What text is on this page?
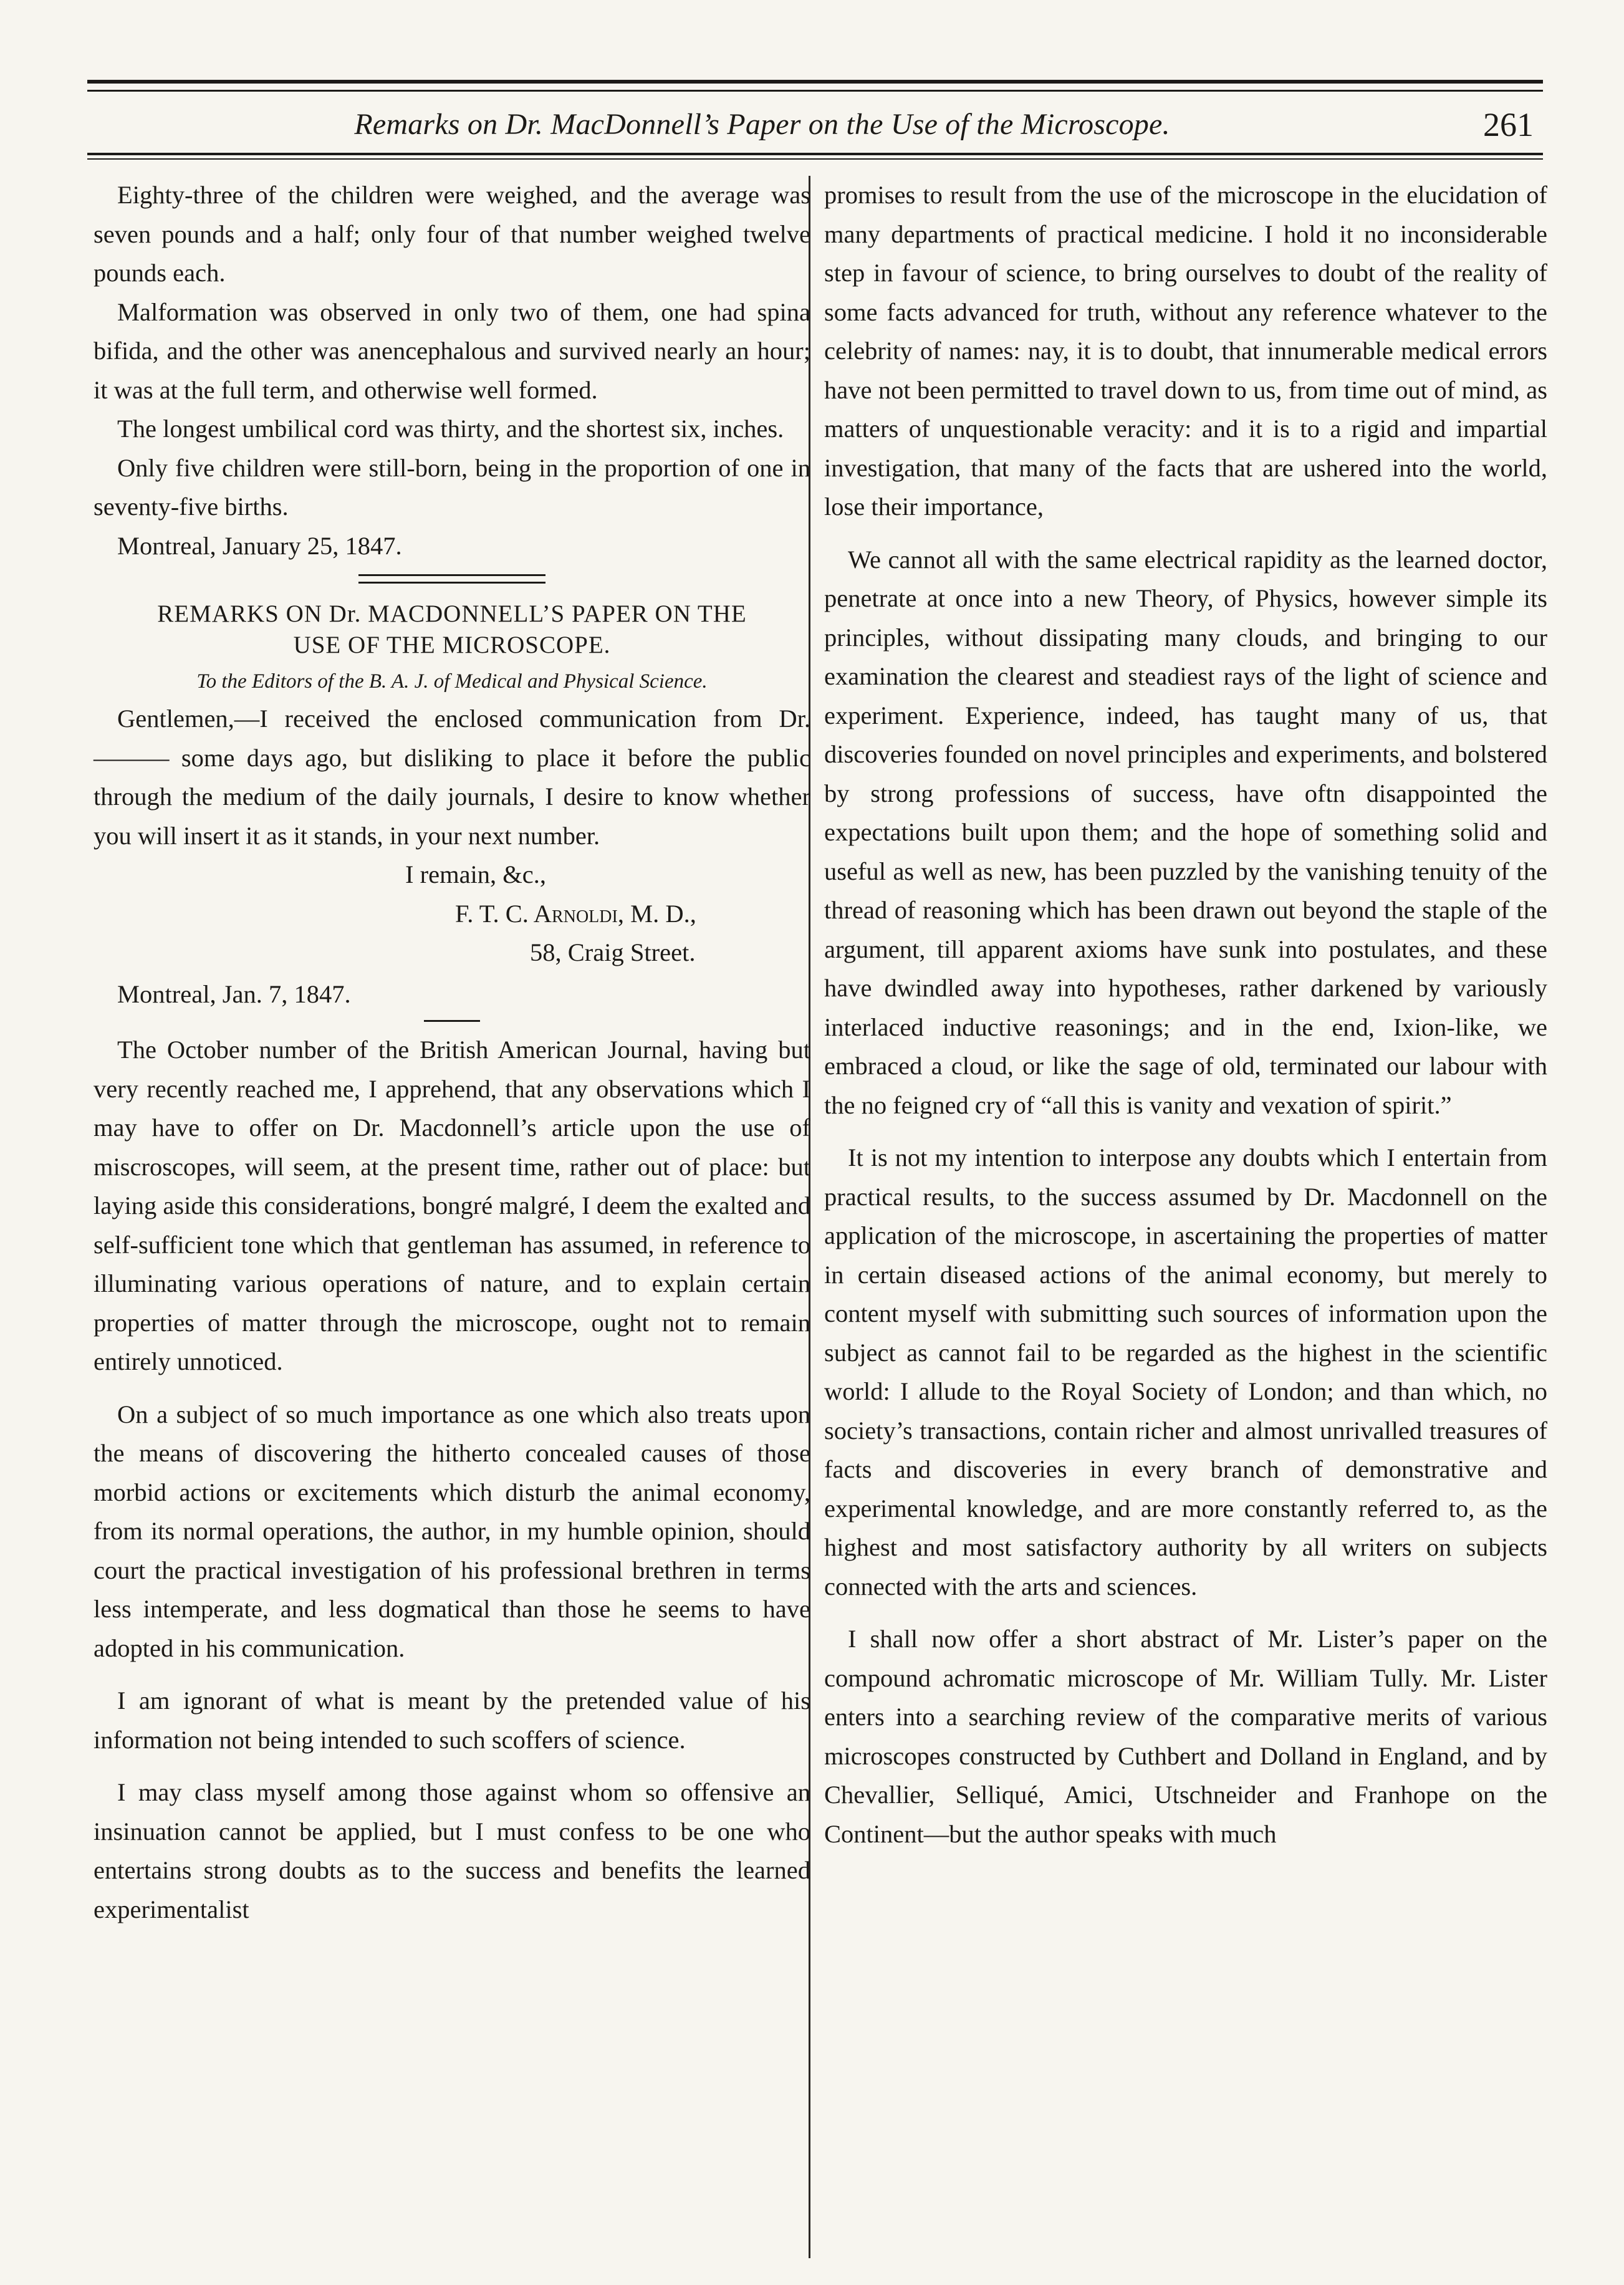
Remarks on Dr. MacDonnell’s Paper on the Use of the Microscope.	261

Eighty-three of the children were weighed, and the average was seven pounds and a half; only four of that number weighed twelve pounds each.

Malformation was observed in only two of them, one had spina bifida, and the other was anencephalous and survived nearly an hour; it was at the full term, and otherwise well formed.

The longest umbilical cord was thirty, and the shortest six, inches.

Only five children were still-born, being in the proportion of one in seventy-five births.

Montreal, January 25, 1847.

REMARKS ON Dr. MACDONNELL’S PAPER ON THE

USE OF THE MICROSCOPE.

To the Editors of the B. A. J. of Medical and Physical Science.

Gentlemen,—I received the enclosed communication from Dr. ——— some days ago, but disliking to place it before the public through the medium of the daily journals, I desire to know whether you will insert it as it stands, in your next number.

I remain, &c.,

F. T. C. Arnoldi, M. D.,

58, Craig Street.

Montreal, Jan. 7, 1847.

The October number of the British American Journal, having but very recently reached me, I apprehend, that any observations which I may have to offer on Dr. Macdonnell’s article upon the use of miscroscopes, will seem, at the present time, rather out of place: but laying aside this considerations, bongré malgré, I deem the exalted and self-sufficient tone which that gentleman has assumed, in reference to illuminating various operations of nature, and to explain certain properties of matter through the microscope, ought not to remain entirely unnoticed.

On a subject of so much importance as one which also treats upon the means of discovering the hitherto concealed causes of those morbid actions or excitements which disturb the animal economy, from its normal operations, the author, in my humble opinion, should court the practical investigation of his professional brethren in terms less intemperate, and less dogmatical than those he seems to have adopted in his communication.

I am ignorant of what is meant by the pretended value of his information not being intended to such scoffers of science.

I may class myself among those against whom so offensive an insinuation cannot be applied, but I must confess to be one who entertains strong doubts as to the success and benefits the learned experimentalist

promises to result from the use of the microscope in the elucidation of many departments of practical medicine. I hold it no inconsiderable step in favour of science, to bring ourselves to doubt of the reality of some facts advanced for truth, without any reference whatever to the celebrity of names: nay, it is to doubt, that innumerable medical errors have not been permitted to travel down to us, from time out of mind, as matters of unquestionable veracity: and it is to a rigid and impartial investigation, that many of the facts that are ushered into the world, lose their importance,

We cannot all with the same electrical rapidity as the learned doctor, penetrate at once into a new Theory, of Physics, however simple its principles, without dissipating many clouds, and bringing to our examination the clearest and steadiest rays of the light of science and experiment. Experience, indeed, has taught many of us, that discoveries founded on novel principles and experiments, and bolstered by strong professions of success, have oftn disappointed the expectations built upon them; and the hope of something solid and useful as well as new, has been puzzled by the vanishing tenuity of the thread of reasoning which has been drawn out beyond the staple of the argument, till apparent axioms have sunk into postulates, and these have dwindled away into hypotheses, rather darkened by variously interlaced inductive reasonings; and in the end, Ixion-like, we embraced a cloud, or like the sage of old, terminated our labour with the no feigned cry of “all this is vanity and vexation of spirit.”

It is not my intention to interpose any doubts which I entertain from practical results, to the success assumed by Dr. Macdonnell on the application of the microscope, in ascertaining the properties of matter in certain diseased actions of the animal economy, but merely to content myself with submitting such sources of information upon the subject as cannot fail to be regarded as the highest in the scientific world: I allude to the Royal Society of London; and than which, no society’s transactions, contain richer and almost unrivalled treasures of facts and discoveries in every branch of demonstrative and experimental knowledge, and are more constantly referred to, as the highest and most satisfactory authority by all writers on subjects connected with the arts and sciences.

I shall now offer a short abstract of Mr. Lister’s paper on the compound achromatic microscope of Mr. William Tully. Mr. Lister enters into a searching review of the comparative merits of various microscopes constructed by Cuthbert and Dolland in England, and by Chevallier, Selliqué, Amici, Utschneider and Franhope on the Continent—but the author speaks with much
